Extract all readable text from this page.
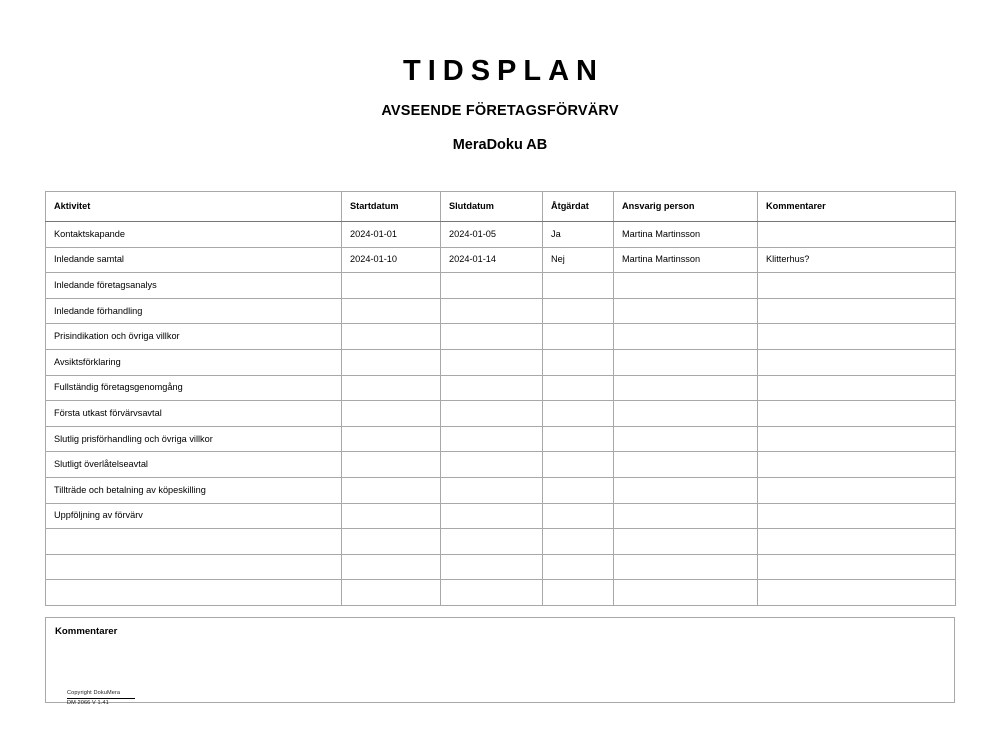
TIDSPLAN
AVSEENDE FÖRETAGSFÖRVÄRV
MeraDoku AB
Aktivitet	Startdatum	Slutdatum	Åtgärdat	Ansvarig person	Kommentarer
Kontaktskapande	2024-01-01	2024-01-05	Ja	Martina Martinsson	
Inledande samtal	2024-01-10	2024-01-14	Nej	Martina Martinsson	Klitterhus?
Inledande företagsanalys					
Inledande förhandling					
Prisindikation och övriga villkor					
Avsiktsförklaring					
Fullständig företagsgenomgång					
Första utkast förvärvsavtal					
Slutlig prisförhandling och övriga villkor					
Slutligt överlåtelseavtal					
Tillträde och betalning av köpeskilling					
Uppföljning av förvärv					

Kommentarer
Copyright DokuMera
DM 2066 V 1.41
